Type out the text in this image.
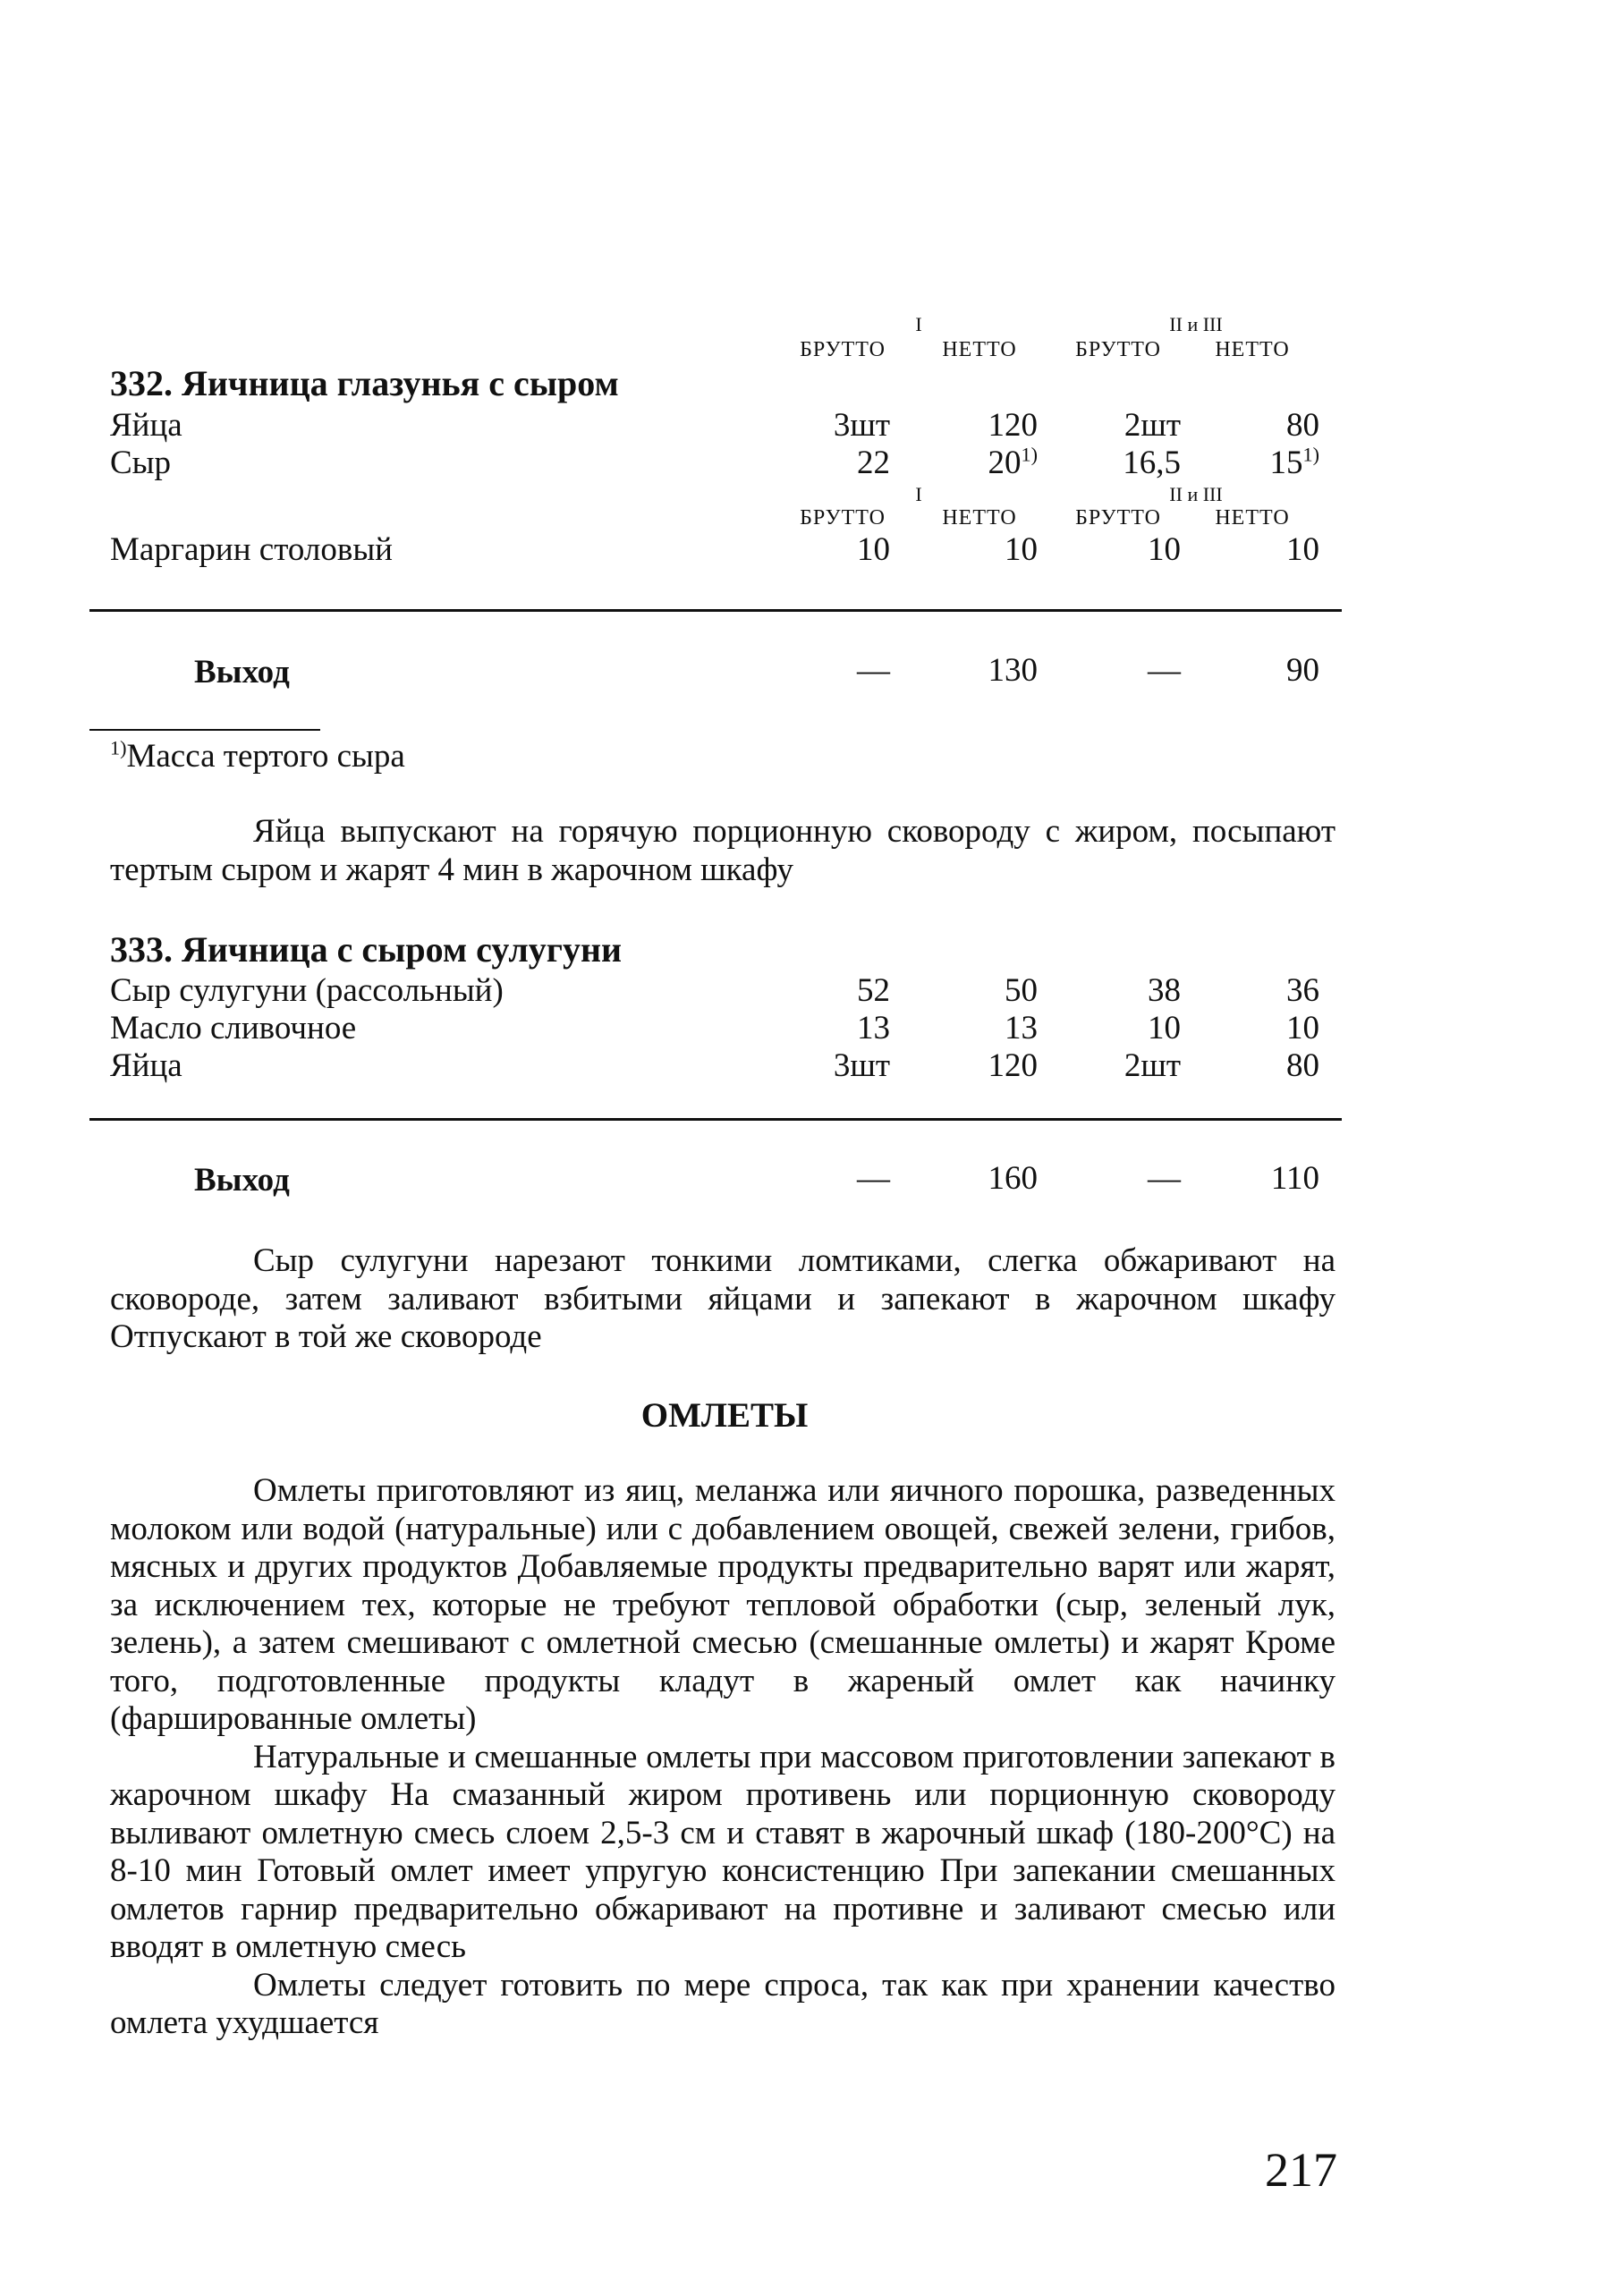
I	II и III
БРУТТО	НЕТТО	БРУТТО	НЕТТО
332. Яичница глазунья с сыром
Яйца	3шт	120	2шт	80
Сыр	22	20$^{1)}$	16,5	15$^{1)}$
I	II и III
БРУТТО	НЕТТО	БРУТТО	НЕТТО
Маргарин столовый	10	10	10	10
Выход	—	130	—	90
$^{1)}$Масса тертого сыра

Яйца выпускают на горячую порционную сковороду с жиром, посыпают тертым сыром и жарят 4 мин в жарочном шкафу

333. Яичница с сыром сулугуни
Сыр сулугуни (рассольный)	52	50	38	36
Масло сливочное	13	13	10	10
Яйца	3шт	120	2шт	80
Выход	—	160	—	110

Сыр сулугуни нарезают тонкими ломтиками, слегка обжаривают на сковороде, затем заливают взбитыми яйцами и запекают в жарочном шкафу Отпускают в той же сковороде

ОМЛЕТЫ

Омлеты приготовляют из яиц, меланжа или яичного порошка, разведенных молоком или водой (натуральные) или с добавлением овощей, свежей зелени, грибов, мясных и других продуктов Добавляемые продукты предварительно варят или жарят, за исключением тех, которые не требуют тепловой обработки (сыр, зеленый лук, зелень), а затем смешивают с омлетной смесью (смешанные омлеты) и жарят Кроме того, подготовленные продукты кладут в жареный омлет как начинку (фаршированные омлеты)

Натуральные и смешанные омлеты при массовом приготовлении запекают в жарочном шкафу На смазанный жиром противень или порционную сковороду выливают омлетную смесь слоем 2,5-3 см и ставят в жарочный шкаф (180-200°С) на 8-10 мин Готовый омлет имеет упругую консистенцию При запекании смешанных омлетов гарнир предварительно обжаривают на противне и заливают смесью или вводят в омлетную смесь

Омлеты следует готовить по мере спроса, так как при хранении качество омлета ухудшается

217
